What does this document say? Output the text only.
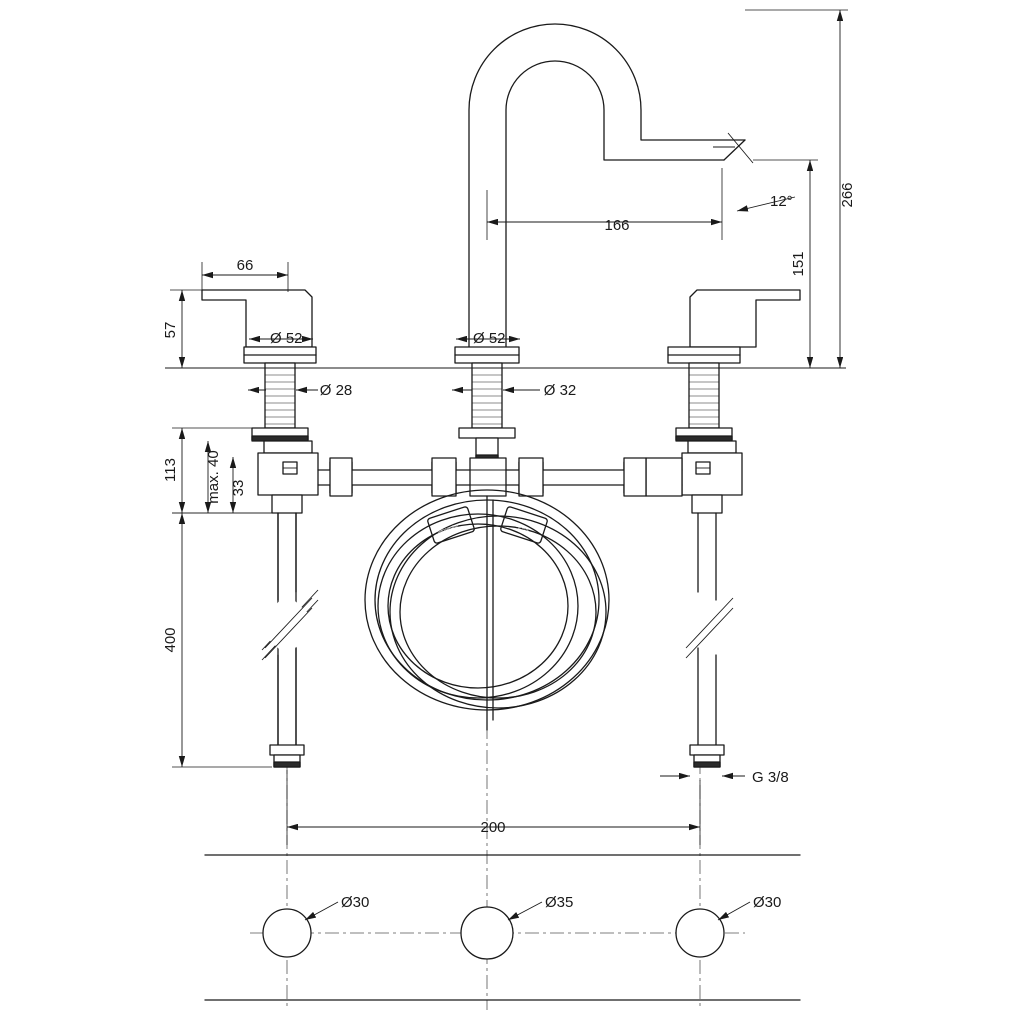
hansgrohe	hansgrohe
266
151
166
12°
66
57	Ø 52	Ø 52
Ø 28	Ø 32
113 max. 40 33
400
G 3/8
200
Ø30	Ø35	Ø30
